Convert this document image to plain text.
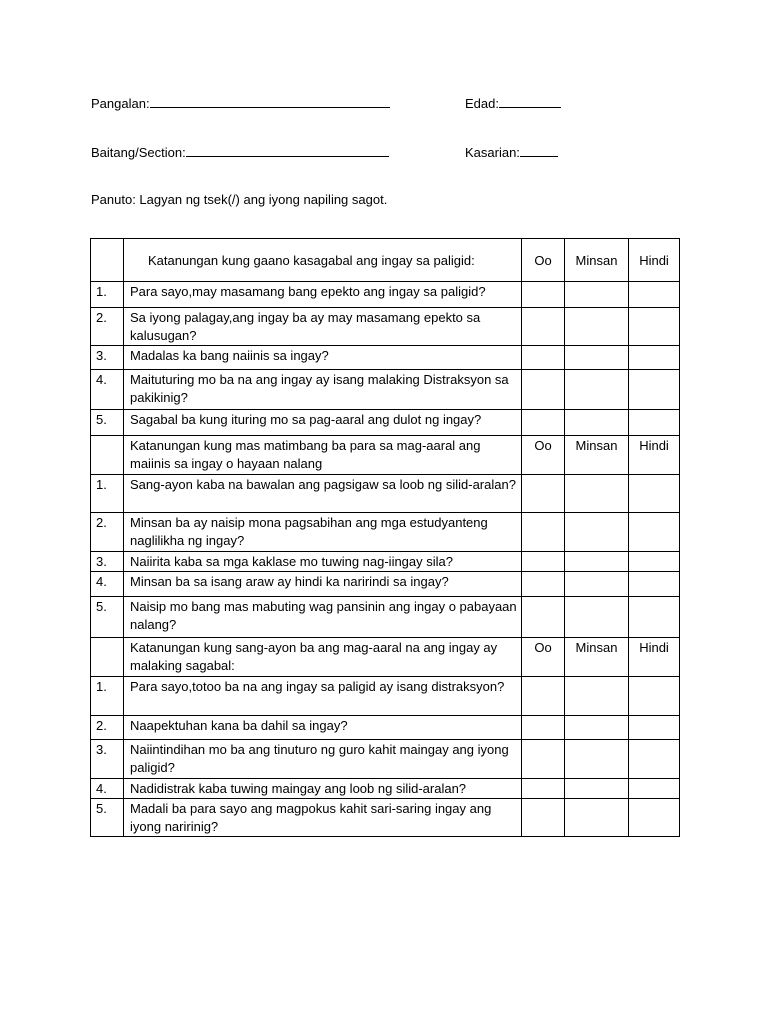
Pangalan:	Edad:
Baitang/Section:	Kasarian:
Panuto: Lagyan ng tsek(/) ang iyong napiling sagot.
	Katanungan kung gaano kasagabal ang ingay sa paligid:	Oo	Minsan	Hindi
1.	Para sayo,may masamang bang epekto ang ingay sa paligid?			
2.	Sa iyong palagay,ang ingay ba ay may masamang epekto sa kalusugan?			
3.	Madalas ka bang naiinis sa ingay?			
4.	Maituturing mo ba na ang ingay ay isang malaking Distraksyon sa pakikinig?			
5.	Sagabal ba kung ituring mo sa pag-aaral ang dulot ng ingay?			
	Katanungan kung mas matimbang ba para sa mag-aaral ang maiinis sa ingay o hayaan nalang	Oo	Minsan	Hindi
1.	Sang-ayon kaba na bawalan ang pagsigaw sa loob ng silid-aralan?			
2.	Minsan ba ay naisip mona pagsabihan ang mga estudyanteng naglilikha ng ingay?			
3.	Naiirita kaba sa mga kaklase mo tuwing nag-iingay sila?			
4.	Minsan ba sa isang araw ay hindi ka naririndi sa ingay?			
5.	Naisip mo bang mas mabuting wag pansinin ang ingay o pabayaan nalang?			
	Katanungan kung sang-ayon ba ang mag-aaral na ang ingay ay malaking sagabal:	Oo	Minsan	Hindi
1.	Para sayo,totoo ba na ang ingay sa paligid ay isang distraksyon?			
2.	Naapektuhan kana ba dahil sa ingay?			
3.	Naiintindihan mo ba ang tinuturo ng guro kahit maingay ang iyong paligid?			
4.	Nadidistrak kaba tuwing maingay ang loob ng silid-aralan?			
5.	Madali ba para sayo ang magpokus kahit sari-saring ingay ang iyong naririnig?			
